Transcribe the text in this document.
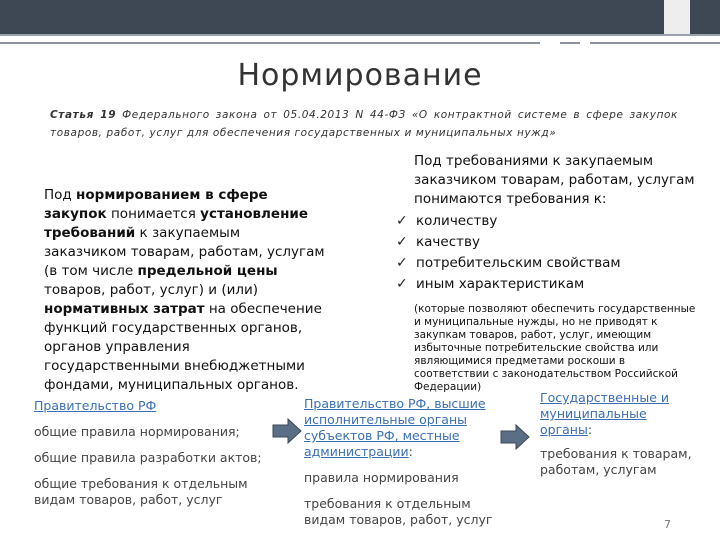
Нормирование
Статья 19 Федерального закона от 05.04.2013 N 44-ФЗ «О контрактной системе в сфере закупок товаров, работ, услуг для обеспечения государственных и муниципальных нужд»
Под нормированием в сфере закупок понимается установление требований к закупаемым заказчиком товарам, работам, услугам (в том числе предельной цены товаров, работ, услуг) и (или) нормативных затрат на обеспечение функций государственных органов, органов управления государственными внебюджетными фондами, муниципальных органов.
Под требованиями к закупаемым заказчиком товарам, работам, услугам понимаются требования к:
✓ количеству
✓ качеству
✓ потребительским свойствам
✓ иным характеристикам
(которые позволяют обеспечить государственные и муниципальные нужды, но не приводят к закупкам товаров, работ, услуг, имеющим избыточные потребительские свойства или являющимися предметами роскоши в соответствии с законодательством Российской Федерации)

Правительство РФ

общие правила нормирования;

общие правила разработки актов;

общие требования к отдельным видам товаров, работ, услуг

Правительство РФ, высшие исполнительные органы субъектов РФ, местные администрации:

правила нормирования

требования к отдельным видам товаров, работ, услуг

Государственные и муниципальные органы:

требования к товарам, работам, услугам

7
